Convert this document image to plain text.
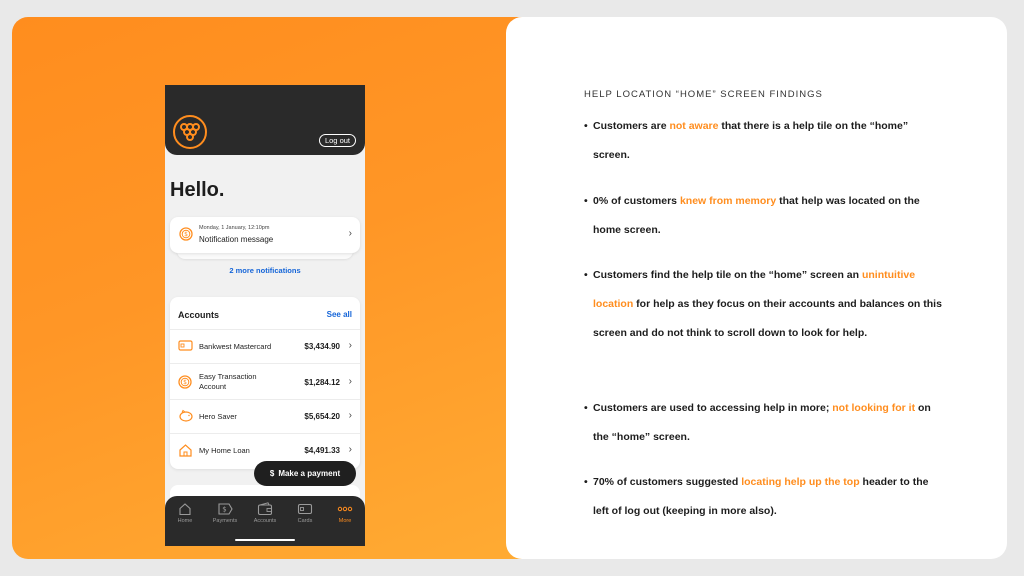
Log out
Hello.
$
Monday, 1 January, 12:10pm
Notification message
›
2 more notifications
Accounts	See all
Bankwest Mastercard	$3,434.90 ›
$
Easy Transaction
Account	$1,284.12 ›
Hero Saver	$5,654.20 ›
My Home Loan	$4,491.33 ›
$ Make a payment
Home
$
Payments	Accounts	Cards	More
HELP LOCATION “HOME” SCREEN FINDINGS
• Customers are not aware that there is a help tile on the “home” screen.
• 0% of customers knew from memory that help was located on the home screen.
• Customers find the help tile on the “home” screen an unintuitive location for help as they focus on their accounts and balances on this screen and do not think to scroll down to look for help.
• Customers are used to accessing help in more; not looking for it on the “home” screen.
• 70% of customers suggested locating help up the top header to the left of log out (keeping in more also).
